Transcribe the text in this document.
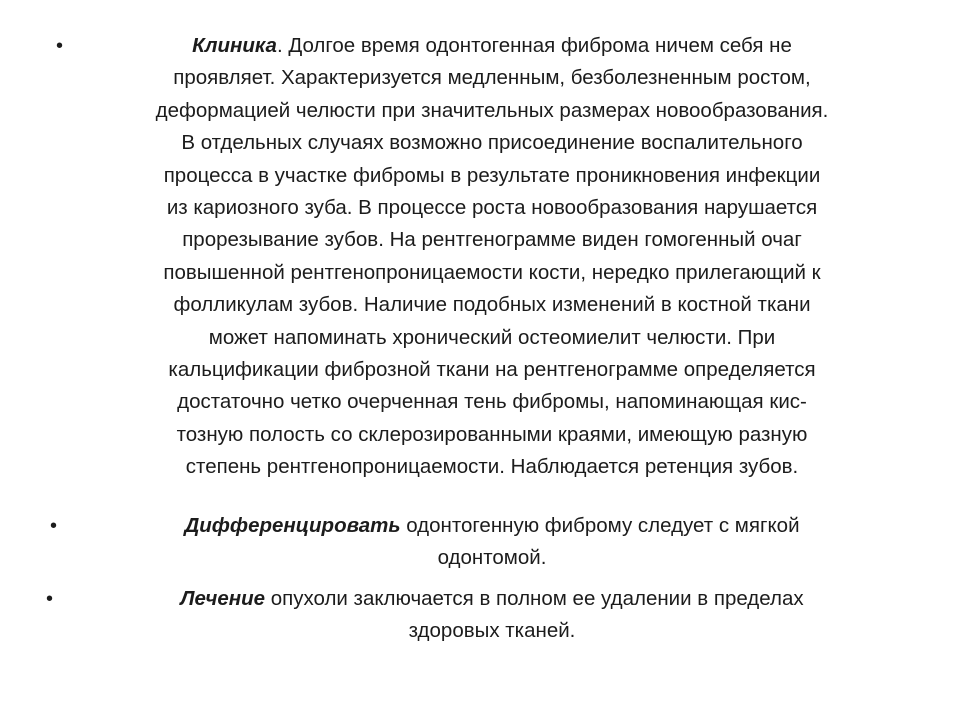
•	Клиника. Долгое время одонтогенная фиброма ничем себя не
проявляет. Характеризуется медленным, безболезненным ростом,
деформацией челюсти при значительных размерах новообразования.
В отдельных случаях возможно присоединение воспалительного
процесса в участке фибромы в результате проникновения инфекции
из кариозного зуба. В процессе роста новообразования нарушается
прорезывание зубов. На рентгенограмме виден гомогенный очаг
повышенной рентгенопроницаемости кости, нередко прилегающий к
фолликулам зубов. Наличие подобных изменений в костной ткани
может напоминать хронический остеомиелит челюсти. При
кальцификации фиброзной ткани на рентгенограмме определяется
достаточно четко очерченная тень фибромы, напоминающая кис-
тозную полость со склерозированными краями, имеющую разную
степень рентгенопроницаемости. Наблюдается ретенция зубов.
•	Дифференцировать одонтогенную фиброму следует с мягкой
одонтомой.
•	Лечение опухоли заключается в полном ее удалении в пределах
здоровых тканей.
